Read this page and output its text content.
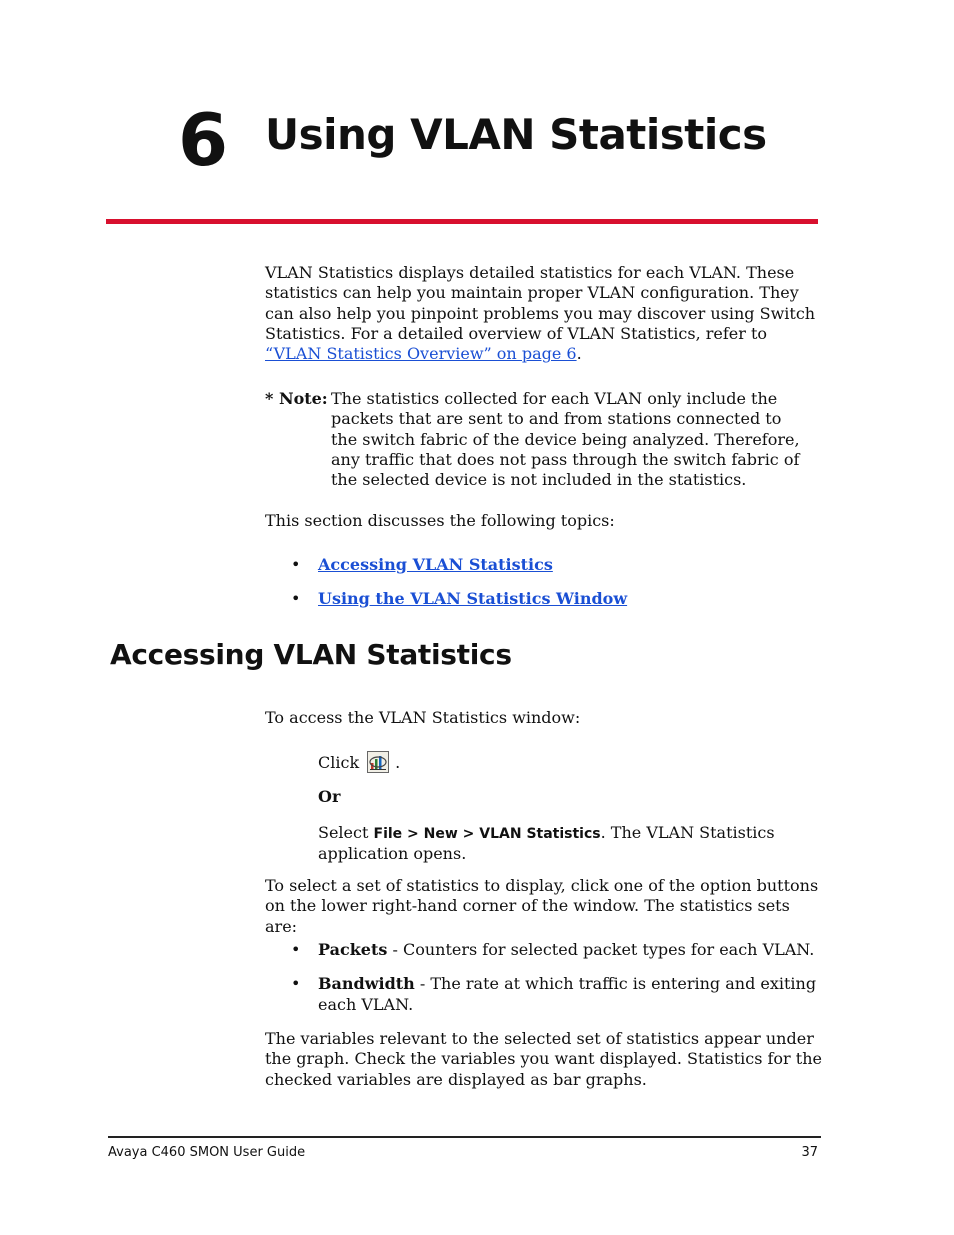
6 Using VLAN Statistics
VLAN Statistics displays detailed statistics for each VLAN. These statistics can help you maintain proper VLAN configuration. They can also help you pinpoint problems you may discover using Switch Statistics. For a detailed overview of VLAN Statistics, refer to “VLAN Statistics Overview” on page 6.
* Note: The statistics collected for each VLAN only include the
packets that are sent to and from stations connected to the switch fabric of the device being analyzed. Therefore, any traffic that does not pass through the switch fabric of the selected device is not included in the statistics.
This section discusses the following topics:
• Accessing VLAN Statistics
• Using the VLAN Statistics Window
Accessing VLAN Statistics
To access the VLAN Statistics window:
Click .
Or
Select File > New > VLAN Statistics. The VLAN Statistics application opens.
To select a set of statistics to display, click one of the option buttons on the lower right-hand corner of the window. The statistics sets are:
• Packets - Counters for selected packet types for each VLAN.
• Bandwidth - The rate at which traffic is entering and exiting each VLAN.
The variables relevant to the selected set of statistics appear under the graph. Check the variables you want displayed. Statistics for the checked variables are displayed as bar graphs.
Avaya C460 SMON User Guide	37
